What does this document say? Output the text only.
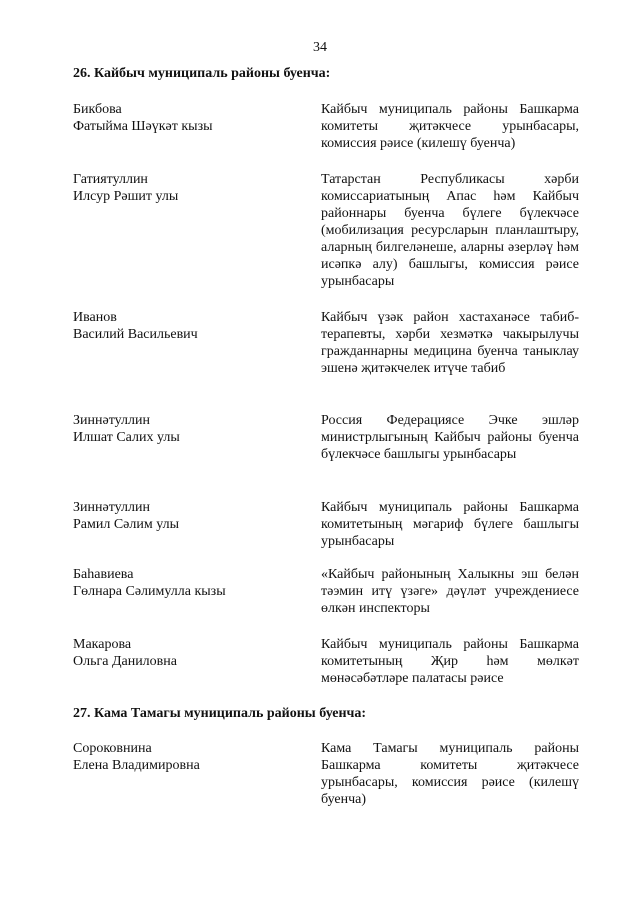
34
26. Кайбыч муниципаль районы буенча:
Бикбова
Фатыйма Шәүкәт кызы
Кайбыч муниципаль районы Башкарма комитеты җитәкчесе урынбасары, комиссия рәисе (килешү буенча)
Гатиятуллин
Илсур Рәшит улы
Татарстан Республикасы хәрби комиссариатының Апас һәм Кайбыч районнары буенча бүлеге бүлекчәсе (мобилизация ресурсларын планлаштыру, аларның билгеләнеше, аларны әзерләү һәм исәпкә алу) башлыгы, комиссия рәисе урынбасары
Иванов
Василий Васильевич
Кайбыч үзәк район хастаханәсе табиб-терапевты, хәрби хезмәткә чакырылучы гражданнарны медицина буенча таныклау эшенә җитәкчелек итүче табиб
Зиннәтуллин
Илшат Салих улы
Россия Федерациясе Эчке эшләр министрлыгының Кайбыч районы буенча бүлекчәсе башлыгы урынбасары
Зиннәтуллин
Рамил Сәлим улы
Кайбыч муниципаль районы Башкарма комитетының мәгариф бүлеге башлыгы урынбасары
Баһавиева
Гөлнара Сәлимулла кызы
«Кайбыч районының Халыкны эш белән тәэмин итү үзәге» дәүләт учреждениесе өлкән инспекторы
Макарова
Ольга Даниловна
Кайбыч муниципаль районы Башкарма комитетының Җир һәм мөлкәт мөнәсәбәтләре палатасы рәисе
27. Кама Тамагы муниципаль районы буенча:
Сороковнина
Елена Владимировна
Кама Тамагы муниципаль районы Башкарма комитеты җитәкчесе урынбасары, комиссия рәисе (килешү буенча)
